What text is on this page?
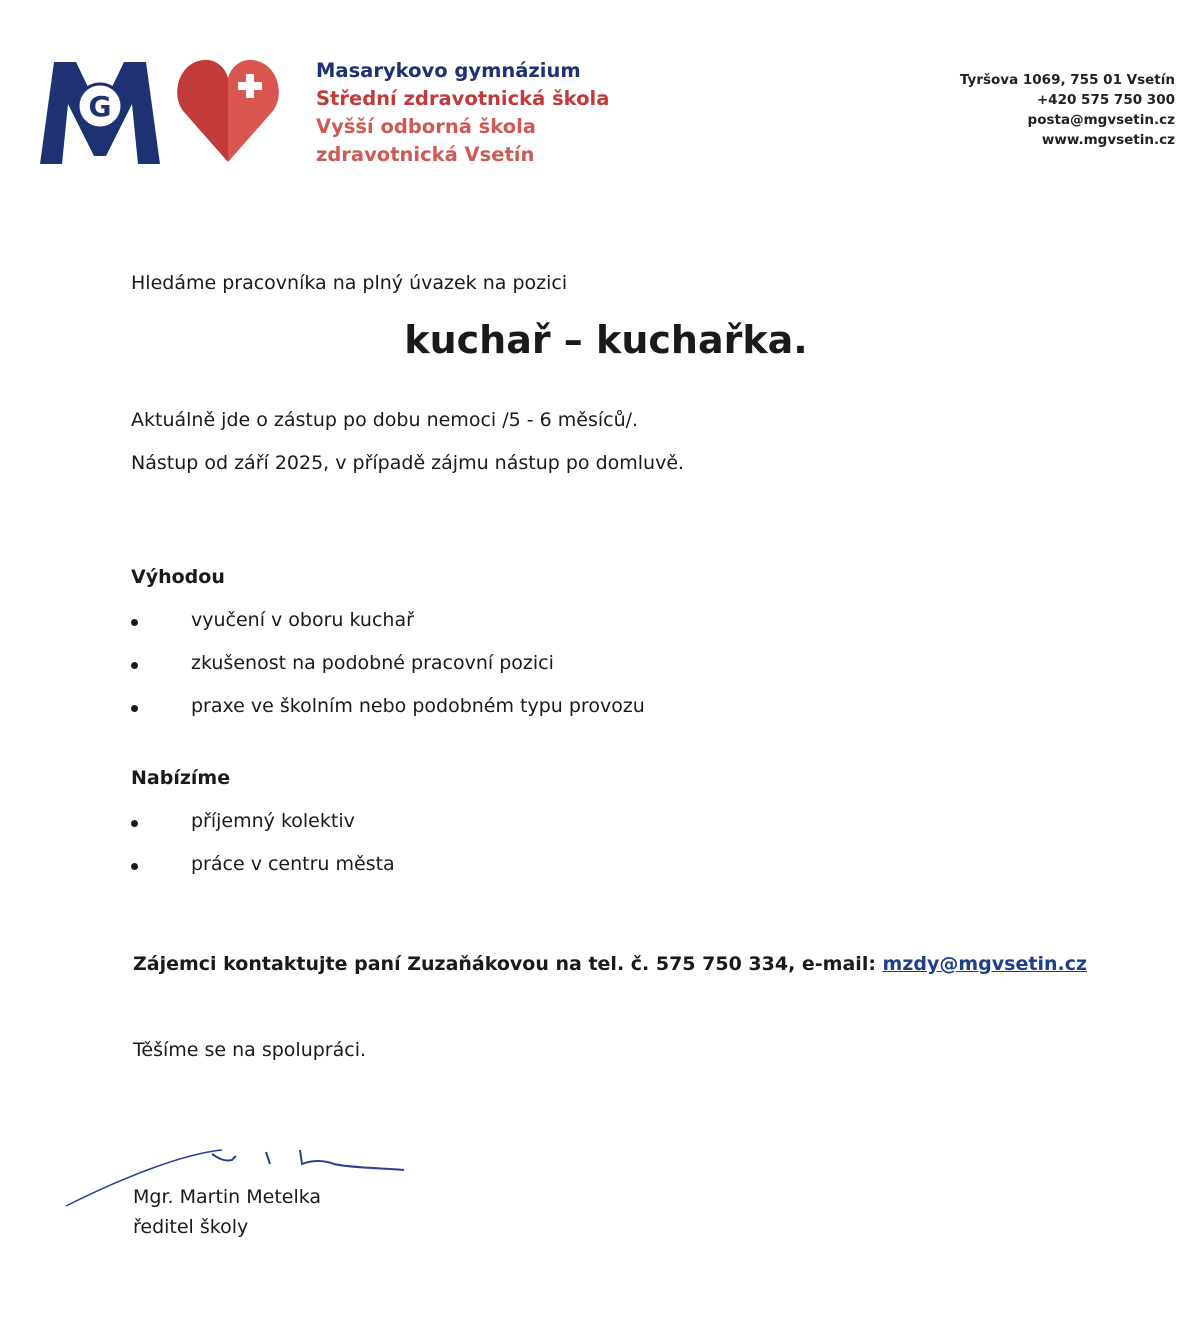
G
Masarykovo gymnázium
Střední zdravotnická škola
Vyšší odborná škola
zdravotnická Vsetín
Tyršova 1069, 755 01 Vsetín
+420 575 750 300
posta@mgvsetin.cz
www.mgvsetin.cz
Hledáme pracovníka na plný úvazek na pozici
kuchař – kuchařka.
Aktuálně jde o zástup po dobu nemoci /5 - 6 měsíců/.
Nástup od září 2025, v případě zájmu nástup po domluvě.
Výhodou
vyučení v oboru kuchař
zkušenost na podobné pracovní pozici
praxe ve školním nebo podobném typu provozu
Nabízíme
příjemný kolektiv
práce v centru města
Zájemci kontaktujte paní Zuzaňákovou na tel. č. 575 750 334, e-mail: mzdy@mgvsetin.cz
Těšíme se na spolupráci.
Mgr. Martin Metelka
ředitel školy
